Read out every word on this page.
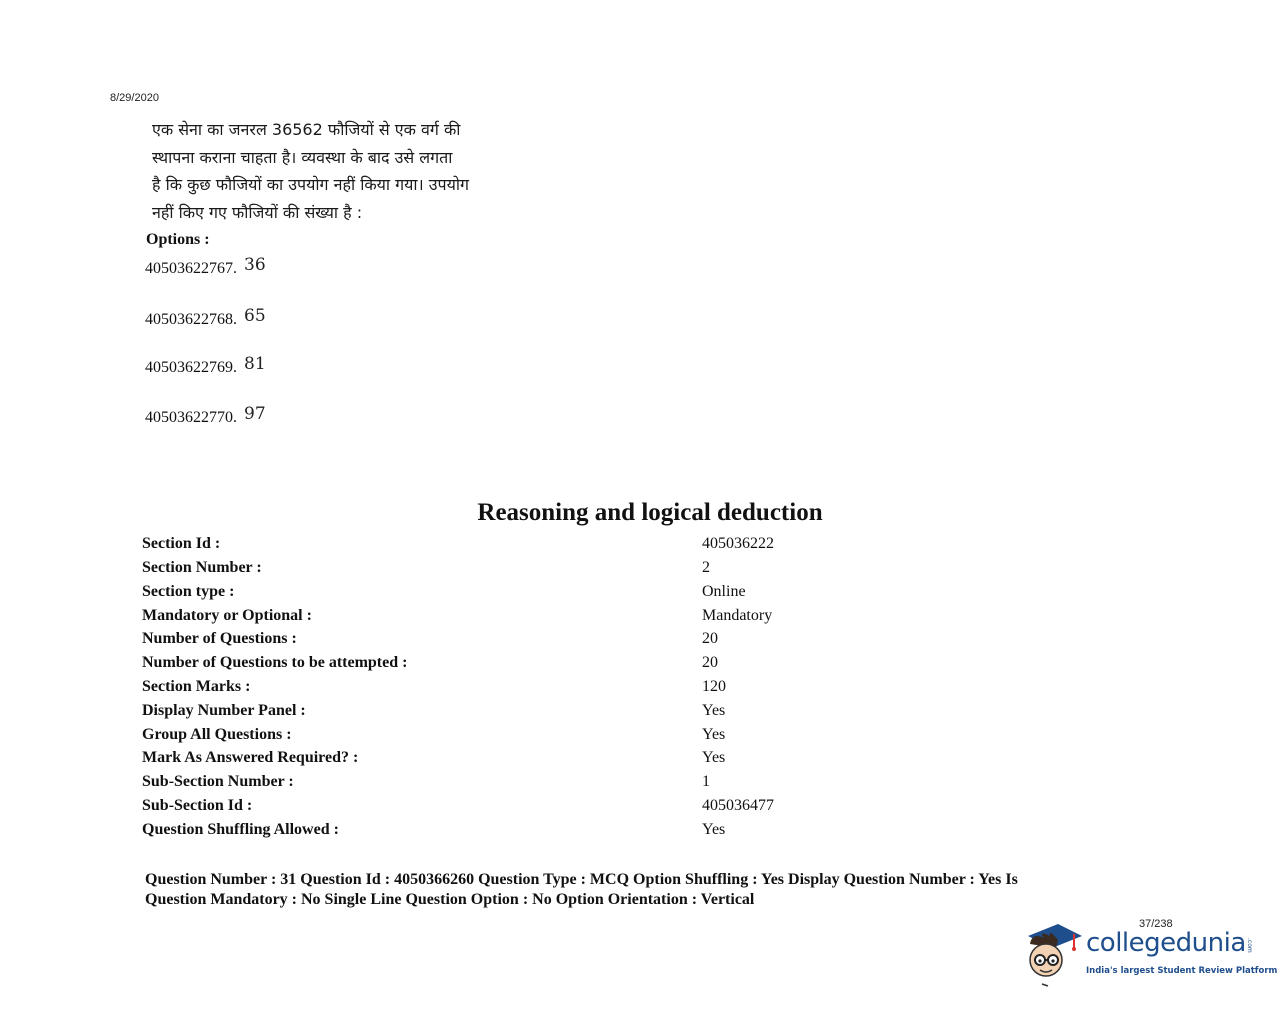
8/29/2020
एक सेना का जनरल 36562 फौजियों से एक वर्ग की
स्थापना कराना चाहता है। व्यवस्था के बाद उसे लगता
है कि कुछ फौजियों का उपयोग नहीं किया गया। उपयोग
नहीं किए गए फौजियों की संख्या है :
Options :
40503622767. 36
40503622768. 65
40503622769. 81
40503622770. 97
Reasoning and logical deduction
Section Id :	405036222
Section Number :	2
Section type :	Online
Mandatory or Optional :	Mandatory
Number of Questions :	20
Number of Questions to be attempted :	20
Section Marks :	120
Display Number Panel :	Yes
Group All Questions :	Yes
Mark As Answered Required? :	Yes
Sub-Section Number :	1
Sub-Section Id :	405036477
Question Shuffling Allowed :	Yes
Question Number : 31 Question Id : 4050366260 Question Type : MCQ Option Shuffling : Yes Display Question Number : Yes Is
Question Mandatory : No Single Line Question Option : No Option Orientation : Vertical
37/238
collegedunia .com
India's largest Student Review Platform
